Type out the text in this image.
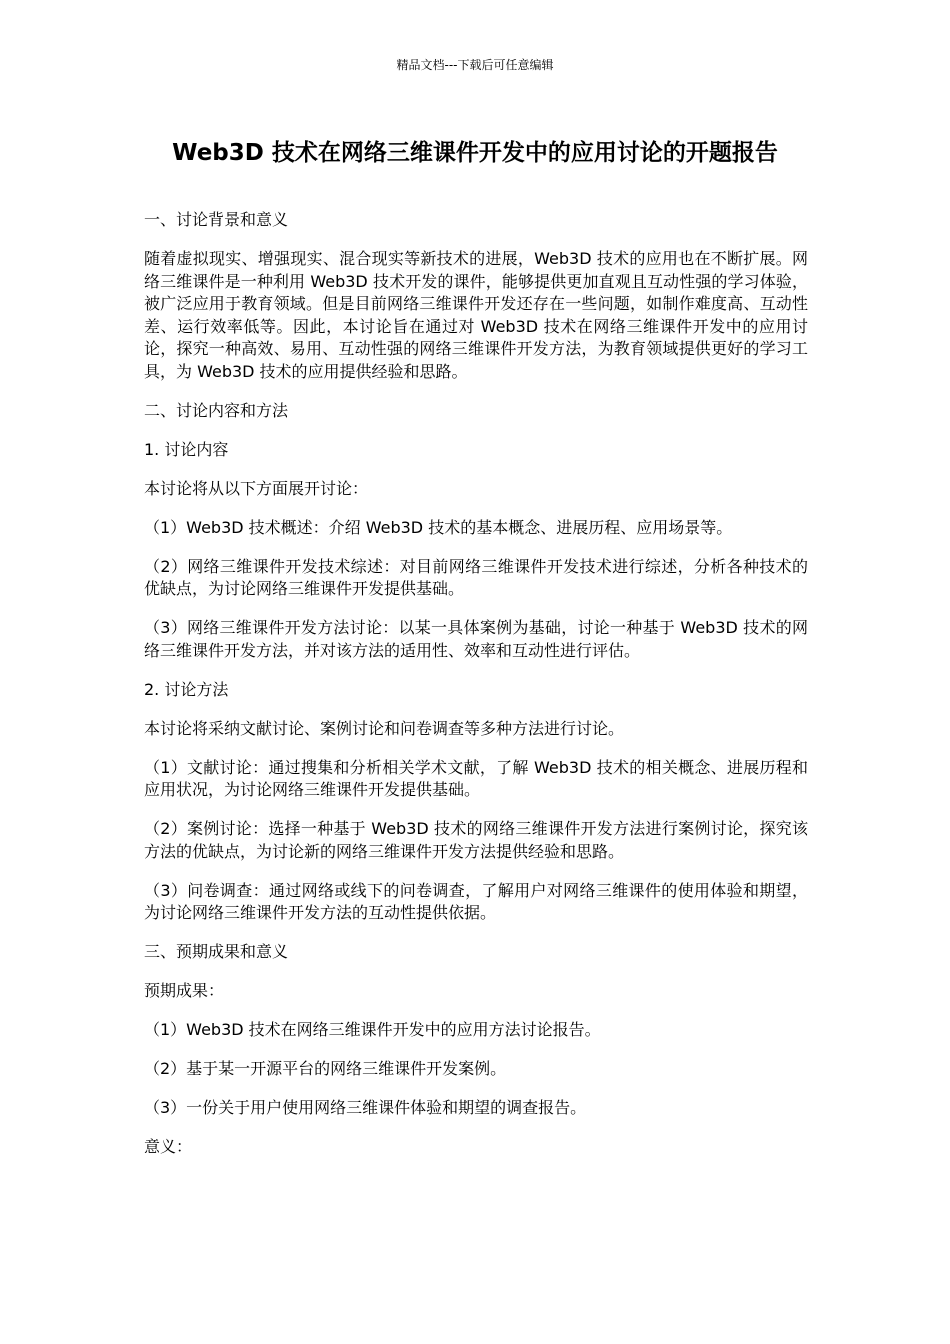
精品文档---下载后可任意编辑
Web3D 技术在网络三维课件开发中的应用讨论的开题报告

一、讨论背景和意义

随着虚拟现实、增强现实、混合现实等新技术的进展，Web3D 技术的应用也在不断扩展。网络三维课件是一种利用 Web3D 技术开发的课件，能够提供更加直观且互动性强的学习体验，被广泛应用于教育领域。但是目前网络三维课件开发还存在一些问题，如制作难度高、互动性差、运行效率低等。因此，本讨论旨在通过对 Web3D 技术在网络三维课件开发中的应用讨论，探究一种高效、易用、互动性强的网络三维课件开发方法，为教育领域提供更好的学习工具，为 Web3D 技术的应用提供经验和思路。

二、讨论内容和方法

1. 讨论内容

本讨论将从以下方面展开讨论：

（1）Web3D 技术概述：介绍 Web3D 技术的基本概念、进展历程、应用场景等。

（2）网络三维课件开发技术综述：对目前网络三维课件开发技术进行综述，分析各种技术的优缺点，为讨论网络三维课件开发提供基础。

（3）网络三维课件开发方法讨论：以某一具体案例为基础，讨论一种基于 Web3D 技术的网络三维课件开发方法，并对该方法的适用性、效率和互动性进行评估。

2. 讨论方法

本讨论将采纳文献讨论、案例讨论和问卷调查等多种方法进行讨论。

（1）文献讨论：通过搜集和分析相关学术文献，了解 Web3D 技术的相关概念、进展历程和应用状况，为讨论网络三维课件开发提供基础。

（2）案例讨论：选择一种基于 Web3D 技术的网络三维课件开发方法进行案例讨论，探究该方法的优缺点，为讨论新的网络三维课件开发方法提供经验和思路。

（3）问卷调查：通过网络或线下的问卷调查，了解用户对网络三维课件的使用体验和期望，为讨论网络三维课件开发方法的互动性提供依据。

三、预期成果和意义

预期成果：

（1）Web3D 技术在网络三维课件开发中的应用方法讨论报告。

（2）基于某一开源平台的网络三维课件开发案例。

（3）一份关于用户使用网络三维课件体验和期望的调查报告。

意义：
